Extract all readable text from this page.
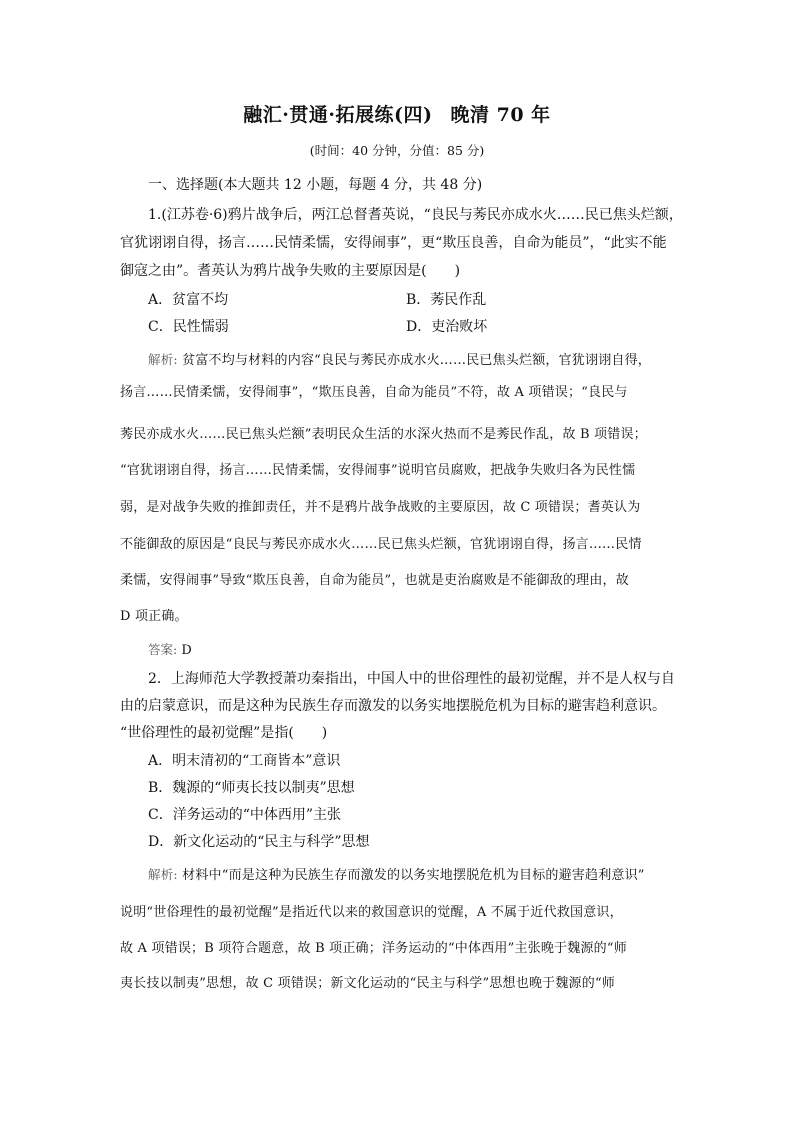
融汇·贯通·拓展练(四) 晚清 70 年
(时间：40 分钟，分值：85 分)
一、选择题(本大题共 12 小题，每题 4 分，共 48 分)
1.(江苏卷·6)鸦片战争后，两江总督耆英说，“良民与莠民亦成水火……民已焦头烂额，
官犹诩诩自得，扬言……民情柔懦，安得闹事”，更“欺压良善，自命为能员”，“此实不能
御寇之由”。耆英认为鸦片战争失败的主要原因是(　　)
A．贫富不均	B．莠民作乱
C．民性懦弱	D．吏治败坏
解析: 贫富不均与材料的内容“良民与莠民亦成水火……民已焦头烂额，官犹诩诩自得，
扬言……民情柔懦，安得闹事”，“欺压良善，自命为能员”不符，故 A 项错误；“良民与
莠民亦成水火……民已焦头烂额”表明民众生活的水深火热而不是莠民作乱，故 B 项错误；
“官犹诩诩自得，扬言……民情柔懦，安得闹事”说明官员腐败，把战争失败归各为民性懦
弱，是对战争失败的推卸责任，并不是鸦片战争战败的主要原因，故 C 项错误；耆英认为
不能御敌的原因是“良民与莠民亦成水火……民已焦头烂额，官犹诩诩自得，扬言……民情
柔懦，安得闹事”导致“欺压良善，自命为能员”，也就是吏治腐败是不能御敌的理由，故
D 项正确。
答案: D
2．上海师范大学教授萧功秦指出，中国人中的世俗理性的最初觉醒，并不是人权与自
由的启蒙意识，而是这种为民族生存而激发的以务实地摆脱危机为目标的避害趋利意识。
“世俗理性的最初觉醒”是指(　　)
A．明末清初的“工商皆本”意识
B．魏源的“师夷长技以制夷”思想
C．洋务运动的“中体西用”主张
D．新文化运动的“民主与科学”思想
解析: 材料中“而是这种为民族生存而激发的以务实地摆脱危机为目标的避害趋利意识”
说明“世俗理性的最初觉醒”是指近代以来的救国意识的觉醒，A 不属于近代救国意识，
故 A 项错误；B 项符合题意，故 B 项正确；洋务运动的“中体西用”主张晚于魏源的“师
夷长技以制夷”思想，故 C 项错误；新文化运动的“民主与科学”思想也晚于魏源的“师
